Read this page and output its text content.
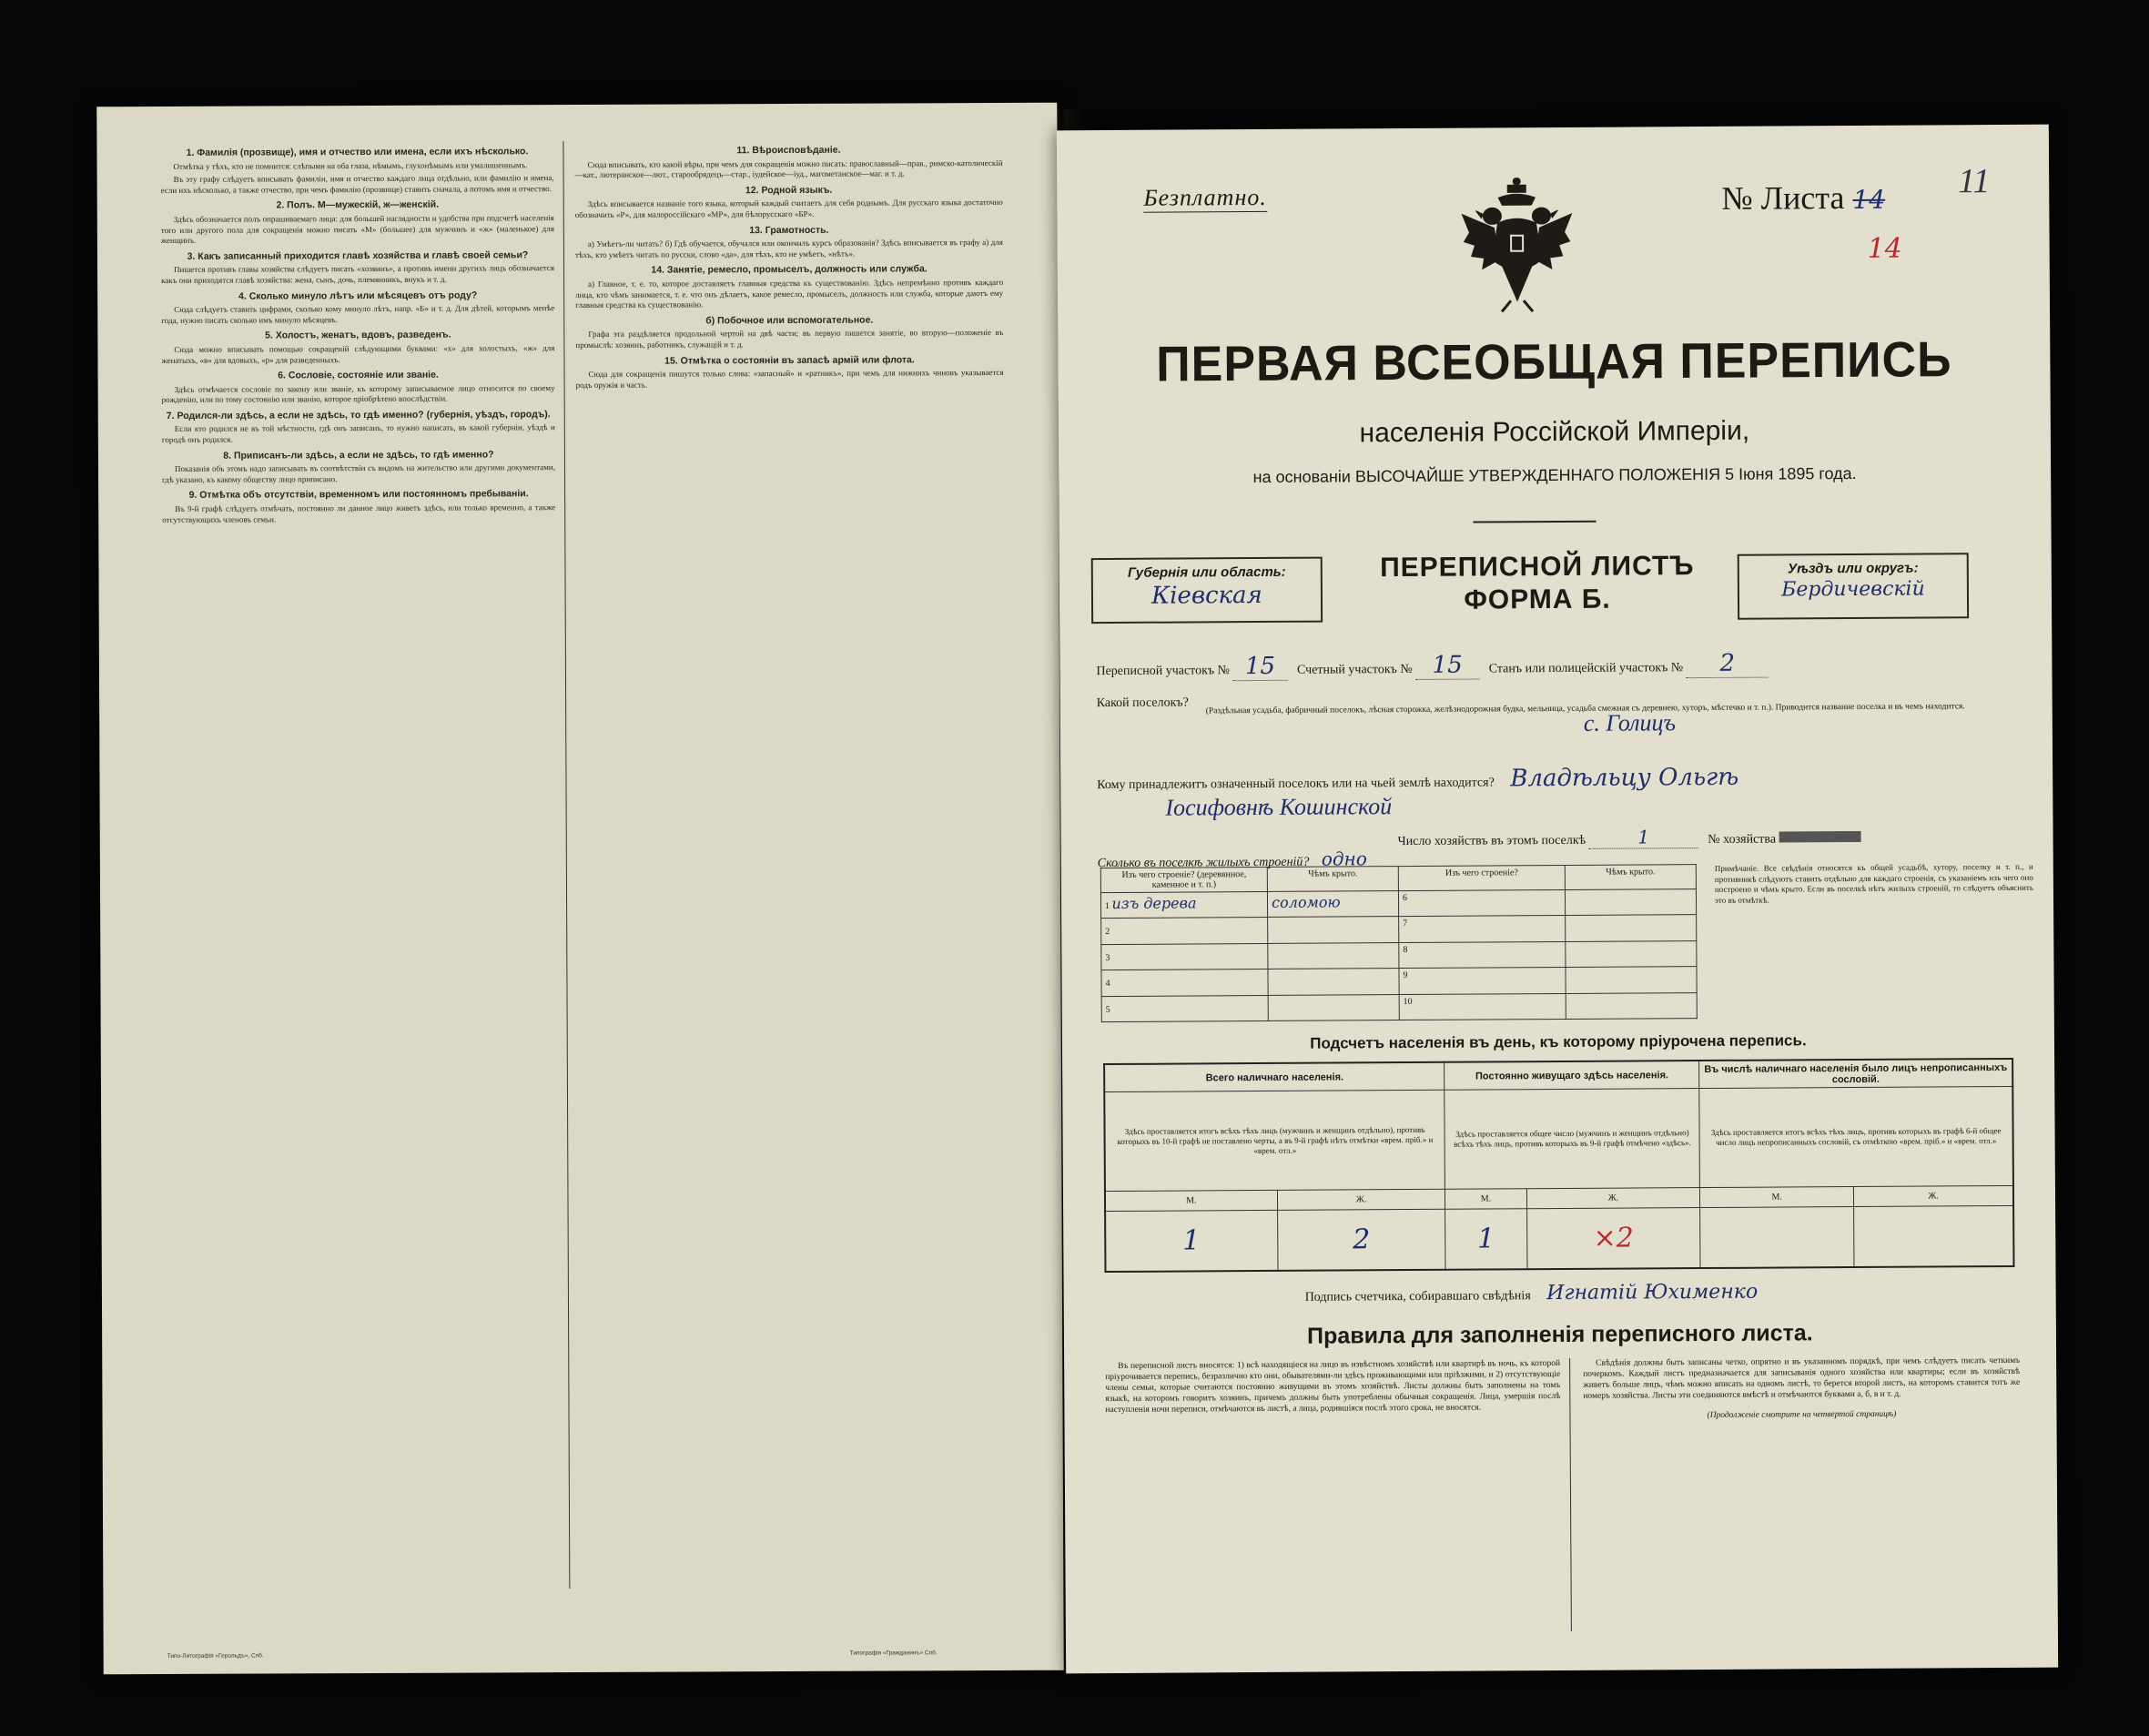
1. Фамилія (прозвище), имя и отчество или имена, если ихъ нѣсколько.

Отмѣтка у тѣхъ, кто не помнится: слѣпыми на оба глаза, нѣмымъ, глухонѣмымъ или умалишеннымъ.

Въ эту графу слѣдуетъ вписывать фамиліи, имя и отчество каждаго лица отдѣльно, или фамилію и имена, если ихъ нѣсколько, а также отчество, при чемъ фамилію (прозвище) ставить сначала, а потомъ имя и отчество.

2. Полъ. М—мужескій, ж—женскій.

Здѣсь обозначается полъ опрашиваемаго лица: для большей наглядности и удобства при подсчетѣ населенія того или другого пола для сокращенія можно писать «М» (большее) для мужчинъ и «ж» (маленькое) для женщинъ.

3. Какъ записанный приходится главѣ хозяйства и главѣ своей семьи?

Пишется противъ главы хозяйства слѣдуетъ писать «хозяинъ», а противъ имени другихъ лицъ обозначается какъ они приходятся главѣ хозяйства: жена, сынъ, дочь, племянникъ, внукъ и т. д.

4. Сколько минуло лѣтъ или мѣсяцевъ отъ роду?

Сюда слѣдуетъ ставить цифрами, сколько кому минуло лѣтъ, напр. «Б» и т. д. Для дѣтей, которымъ менѣе года, нужно писать сколько имъ минуло мѣсяцевъ.

5. Холостъ, женатъ, вдовъ, разведенъ.

Сюда можно вписывать помощью сокращеній слѣдующими буквами: «х» для холостыхъ, «ж» для женатыхъ, «в» для вдовыхъ, «р» для разведенныхъ.

6. Сословіе, состояніе или званіе.

Здѣсь отмѣчается сословіе по закону или званіе, къ которому записываемое лицо относится по своему рожденію, или по тому состоянію или званію, которое пріобрѣтено впослѣдствіи.

7. Родился-ли здѣсь, а если не здѣсь, то гдѣ именно? (губернія, уѣздъ, городъ).

Если кто родился не въ той мѣстности, гдѣ онъ записанъ, то нужно написать, въ какой губерніи, уѣздѣ и городѣ онъ родился.

8. Приписанъ-ли здѣсь, а если не здѣсь, то гдѣ именно?

Показанія объ этомъ надо записывать въ соотвѣтствіи съ видомъ на жительство или другими документами, гдѣ указано, къ какому обществу лицо приписано.

9. Отмѣтка объ отсутствіи, временномъ или постоянномъ пребываніи.

Въ 9-й графѣ слѣдуетъ отмѣчать, постоянно ли данное лицо живетъ здѣсь, или только временно, а также отсутствующихъ членовъ семьи.

11. Вѣроисповѣданіе.

Сюда вписывать, кто какой вѣры, при чемъ для сокращенія можно писать: православный—прав., римско-католическій—кат., лютеранское—лют., старообрядецъ—стар., іудейское—іуд., магометанское—маг. и т. д.

12. Родной языкъ.

Здѣсь вписывается названіе того языка, который каждый считаетъ для себя роднымъ. Для русскаго языка достаточно обозначить «Р», для малороссійскаго «МР», для бѣлорусскаго «БР».

13. Грамотность.

а) Умѣетъ-ли читать? б) Гдѣ обучается, обучался или окончилъ курсъ образованія? Здѣсь вписывается въ графу а) для тѣхъ, кто умѣетъ читать по русски, слово «да», для тѣхъ, кто не умѣетъ, «нѣтъ».

14. Занятіе, ремесло, промыселъ, должность или служба.

а) Главное, т. е. то, которое доставляетъ главныя средства къ существованію. Здѣсь непремѣнно противъ каждаго лица, кто чѣмъ занимается, т. е. что онъ дѣлаетъ, какое ремесло, промыселъ, должность или служба, которые даютъ ему главныя средства къ существованію.

б) Побочное или вспомогательное.

Графа эта раздѣляется продольной чертой на двѣ части; въ первую пишется занятіе, во вторую—положеніе въ промыслѣ: хозяинъ, работникъ, служащій и т. д.

15. Отмѣтка о состояніи въ запасѣ армій или флота.

Сюда для сокращенія пишутся только слова: «запасный» и «ратникъ», при чемъ для нижнихъ чиновъ указывается родъ оружія и часть.

Типо-Литографія «Герольдъ», Спб.	Типографія «Гражданинъ» Спб.
Безплатно.	№ Листа 14
14
11
ПЕРВАЯ ВСЕОБЩАЯ ПЕРЕПИСЬ
населенія Россійской Имперіи,
на основаніи ВЫСОЧАЙШЕ УТВЕРЖДЕННАГО ПОЛОЖЕНІЯ 5 Іюня 1895 года.
Губернія или область:
Кіевская
ПЕРЕПИСНОЙ ЛИСТЪ
ФОРМА Б.
Уѣздъ или округъ:
Бердичевскій
Переписной участокъ № 15 Счетный участокъ № 15 Станъ или полицейскій участокъ № 2
Какой поселокъ? (Раздѣльная усадьба, фабричный поселокъ, лѣсная сторожка, желѣзнодорожная будка, мельница, усадьба смежная съ деревнею, хуторъ, мѣстечко и т. п.). Приводится название поселка и въ чемъ находится.
с. Голицъ
Кому принадлежитъ означенный поселокъ или на чьей землѣ находится? Владѣльцу Ольгѣ
Іосифовнѣ Кошинской
Число хозяйствъ въ этомъ поселкѣ	1	№ хозяйства
Сколько въ поселкѣ жилыхъ строеній? одно
Изъ чего строеніе? (деревянное, каменное и т. п.)	Чѣмъ крыто.	Изъ чего строеніе?	Чѣмъ крыто.
1 изъ дерева	соломою	6	
2		7	
3		8	
4		9	
5		10	
Примѣчаніе. Все свѣдѣнія относятся къ общей усадьбѣ, хутору, поселку и т. п., и противникѣ слѣдуютъ ставить отдѣльно для каждаго строенія, съ указаніемъ изъ чего оно построено и чѣмъ крыто. Если въ поселкѣ нѣтъ жилыхъ строеній, то слѣдуетъ объяснить это въ отмѣткѣ.
Подсчетъ населенія въ день, къ которому пріурочена перепись.
Всего наличнаго населенія.		Постоянно живущаго здѣсь населенія.		Въ числѣ наличнаго населенія было лицъ непрописанныхъ сословій.	
Здѣсь проставляется итогъ всѣхъ тѣхъ лицъ (мужчинъ и женщинъ отдѣльно), противъ которыхъ въ 10-й графѣ не поставлено черты, а въ 9-й графѣ нѣтъ отмѣтки «врем. пріб.» и «врем. отл.»		Здѣсь проставляется общее число (мужчинъ и женщинъ отдѣльно) всѣхъ тѣхъ лицъ, противъ которыхъ въ 9-й графѣ отмѣчено «здѣсь».		Здѣсь проставляется итогъ всѣхъ тѣхъ лицъ, противъ которыхъ въ графѣ 6-й общее число лицъ непрописанныхъ сословій, съ отмѣткою «врем. пріб.» и «врем. отл.»	
М.	Ж.	М.	Ж.	М.	Ж.
1	2	1	×2		
Подпись счетчика, собиравшаго свѣдѣнія Игнатій Юхименко
Правила для заполненія переписного листа.

Въ переписной листъ вносятся: 1) всѣ находящіеся на лицо въ извѣстномъ хозяйствѣ или квартирѣ въ ночь, къ которой пріурочивается перепись, безразлично кто они, обывателями-ли здѣсь проживающими или пріѣзжими, и 2) отсутствующіе члены семьи, которые считаются постоянно живущими въ этомъ хозяйствѣ. Листы должны быть заполнены на томъ языкѣ, на которомъ говоритъ хозяинъ, причемъ должны быть употреблены обычныя сокращенія. Лица, умершія послѣ наступленія ночи переписи, отмѣчаются въ листѣ, а лица, родившіяся послѣ этого срока, не вносятся.

Свѣдѣнія должны быть записаны четко, опрятно и въ указанномъ порядкѣ, при чемъ слѣдуетъ писать четкимъ почеркомъ. Каждый листъ предназначается для записыванія одного хозяйства или квартиры; если въ хозяйствѣ живетъ больше лицъ, чѣмъ можно вписать на одномъ листѣ, то берется второй листъ, на которомъ ставится тотъ же номеръ хозяйства. Листы эти соединяются вмѣстѣ и отмѣчаются буквами а, б, в и т. д.

(Продолженіе смотрите на четвертой страницѣ)
